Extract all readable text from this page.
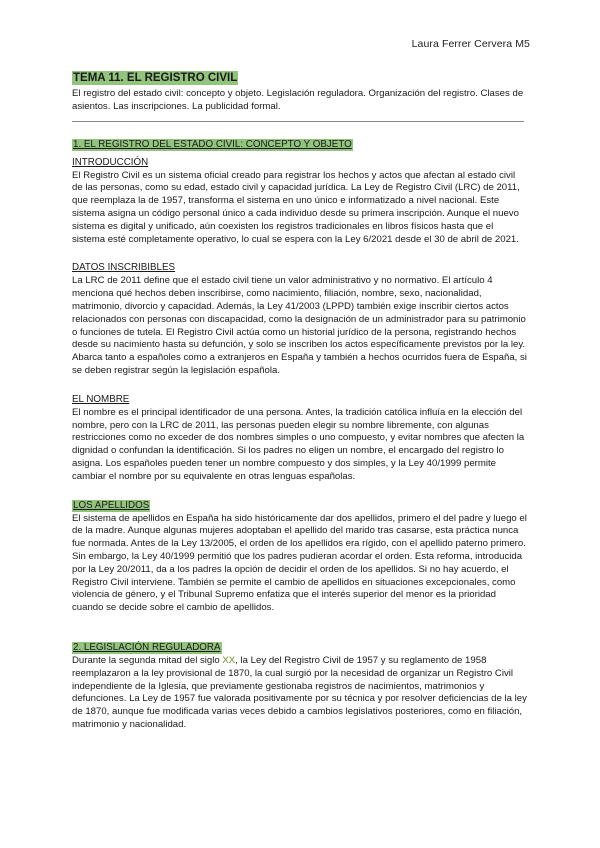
Laura Ferrer Cervera M5
TEMA 11. EL REGISTRO CIVIL

El registro del estado civil: concepto y objeto. Legislación reguladora. Organización del registro. Clases de asientos. Las inscripciones. La publicidad formal.

1. EL REGISTRO DEL ESTADO CIVIL: CONCEPTO Y OBJETO
INTRODUCCIÓN

El Registro Civil es un sistema oficial creado para registrar los hechos y actos que afectan al estado civil de las personas, como su edad, estado civil y capacidad jurídica. La Ley de Registro Civil (LRC) de 2011, que reemplaza la de 1957, transforma el sistema en uno único e informatizado a nivel nacional. Este sistema asigna un código personal único a cada individuo desde su primera inscripción. Aunque el nuevo sistema es digital y unificado, aún coexisten los registros tradicionales en libros físicos hasta que el sistema esté completamente operativo, lo cual se espera con la Ley 6/2021 desde el 30 de abril de 2021.

DATOS INSCRIBIBLES

La LRC de 2011 define que el estado civil tiene un valor administrativo y no normativo. El artículo 4 menciona qué hechos deben inscribirse, como nacimiento, filiación, nombre, sexo, nacionalidad, matrimonio, divorcio y capacidad. Además, la Ley 41/2003 (LPPD) también exige inscribir ciertos actos relacionados con personas con discapacidad, como la designación de un administrador para su patrimonio o funciones de tutela. El Registro Civil actúa como un historial jurídico de la persona, registrando hechos desde su nacimiento hasta su defunción, y solo se inscriben los actos específicamente previstos por la ley. Abarca tanto a españoles como a extranjeros en España y también a hechos ocurridos fuera de España, si se deben registrar según la legislación española.

EL NOMBRE

El nombre es el principal identificador de una persona. Antes, la tradición católica influía en la elección del nombre, pero con la LRC de 2011, las personas pueden elegir su nombre libremente, con algunas restricciones como no exceder de dos nombres simples o uno compuesto, y evitar nombres que afecten la dignidad o confundan la identificación. Si los padres no eligen un nombre, el encargado del registro lo asigna. Los españoles pueden tener un nombre compuesto y dos simples, y la Ley 40/1999 permite cambiar el nombre por su equivalente en otras lenguas españolas.

LOS APELLIDOS

El sistema de apellidos en España ha sido históricamente dar dos apellidos, primero el del padre y luego el de la madre. Aunque algunas mujeres adoptaban el apellido del marido tras casarse, esta práctica nunca fue normada. Antes de la Ley 13/2005, el orden de los apellidos era rígido, con el apellido paterno primero. Sin embargo, la Ley 40/1999 permitió que los padres pudieran acordar el orden. Esta reforma, introducida por la Ley 20/2011, da a los padres la opción de decidir el orden de los apellidos. Si no hay acuerdo, el Registro Civil interviene. También se permite el cambio de apellidos en situaciones excepcionales, como violencia de género, y el Tribunal Supremo enfatiza que el interés superior del menor es la prioridad cuando se decide sobre el cambio de apellidos.

2. LEGISLACIÓN REGULADORA

Durante la segunda mitad del siglo XX, la Ley del Registro Civil de 1957 y su reglamento de 1958 reemplazaron a la ley provisional de 1870, la cual surgió por la necesidad de organizar un Registro Civil independiente de la Iglesia, que previamente gestionaba registros de nacimientos, matrimonios y defunciones. La Ley de 1957 fue valorada positivamente por su técnica y por resolver deficiencias de la ley de 1870, aunque fue modificada varias veces debido a cambios legislativos posteriores, como en filiación, matrimonio y nacionalidad.
